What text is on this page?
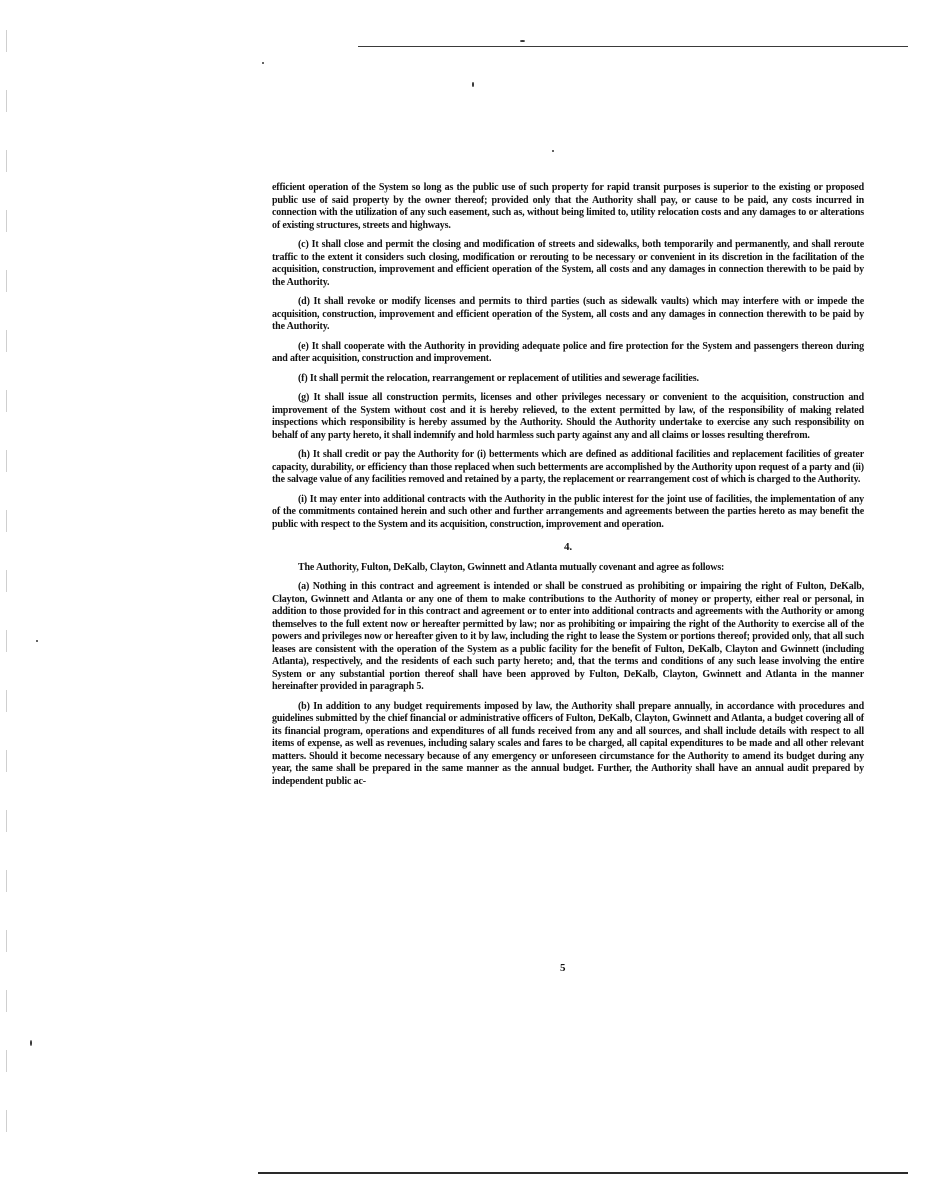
efficient operation of the System so long as the public use of such property for rapid transit purposes is superior to the existing or proposed public use of said property by the owner thereof; provided only that the Authority shall pay, or cause to be paid, any costs incurred in connection with the utilization of any such easement, such as, without being limited to, utility relocation costs and any damages to or alterations of existing structures, streets and highways.

(c) It shall close and permit the closing and modification of streets and sidewalks, both temporarily and permanently, and shall reroute traffic to the extent it considers such closing, modification or rerouting to be necessary or convenient in its discretion in the facilitation of the acquisition, construction, improvement and efficient operation of the System, all costs and any damages in connection therewith to be paid by the Authority.

(d) It shall revoke or modify licenses and permits to third parties (such as sidewalk vaults) which may interfere with or impede the acquisition, construction, improvement and efficient operation of the System, all costs and any damages in connection therewith to be paid by the Authority.

(e) It shall cooperate with the Authority in providing adequate police and fire protection for the System and passengers thereon during and after acquisition, construction and improvement.

(f) It shall permit the relocation, rearrangement or replacement of utilities and sewerage facilities.

(g) It shall issue all construction permits, licenses and other privileges necessary or convenient to the acquisition, construction and improvement of the System without cost and it is hereby relieved, to the extent permitted by law, of the responsibility of making related inspections which responsibility is hereby assumed by the Authority. Should the Authority undertake to exercise any such responsibility on behalf of any party hereto, it shall indemnify and hold harmless such party against any and all claims or losses resulting therefrom.

(h) It shall credit or pay the Authority for (i) betterments which are defined as additional facilities and replacement facilities of greater capacity, durability, or efficiency than those replaced when such betterments are accomplished by the Authority upon request of a party and (ii) the salvage value of any facilities removed and retained by a party, the replacement or rearrangement cost of which is charged to the Authority.

(i) It may enter into additional contracts with the Authority in the public interest for the joint use of facilities, the implementation of any of the commitments contained herein and such other and further arrangements and agreements between the parties hereto as may benefit the public with respect to the System and its acquisition, construction, improvement and operation.

4.

The Authority, Fulton, DeKalb, Clayton, Gwinnett and Atlanta mutually covenant and agree as follows:

(a) Nothing in this contract and agreement is intended or shall be construed as prohibiting or impairing the right of Fulton, DeKalb, Clayton, Gwinnett and Atlanta or any one of them to make contributions to the Authority of money or property, either real or personal, in addition to those provided for in this contract and agreement or to enter into additional contracts and agreements with the Authority or among themselves to the full extent now or hereafter permitted by law; nor as prohibiting or impairing the right of the Authority to exercise all of the powers and privileges now or hereafter given to it by law, including the right to lease the System or portions thereof; provided only, that all such leases are consistent with the operation of the System as a public facility for the benefit of Fulton, DeKalb, Clayton and Gwinnett (including Atlanta), respectively, and the residents of each such party hereto; and, that the terms and conditions of any such lease involving the entire System or any substantial portion thereof shall have been approved by Fulton, DeKalb, Clayton, Gwinnett and Atlanta in the manner hereinafter provided in paragraph 5.

(b) In addition to any budget requirements imposed by law, the Authority shall prepare annually, in accordance with procedures and guidelines submitted by the chief financial or administrative officers of Fulton, DeKalb, Clayton, Gwinnett and Atlanta, a budget covering all of its financial program, operations and expenditures of all funds received from any and all sources, and shall include details with respect to all items of expense, as well as revenues, including salary scales and fares to be charged, all capital expenditures to be made and all other relevant matters. Should it become necessary because of any emergency or unforeseen circumstance for the Authority to amend its budget during any year, the same shall be prepared in the same manner as the annual budget. Further, the Authority shall have an annual audit prepared by independent public ac-

5
